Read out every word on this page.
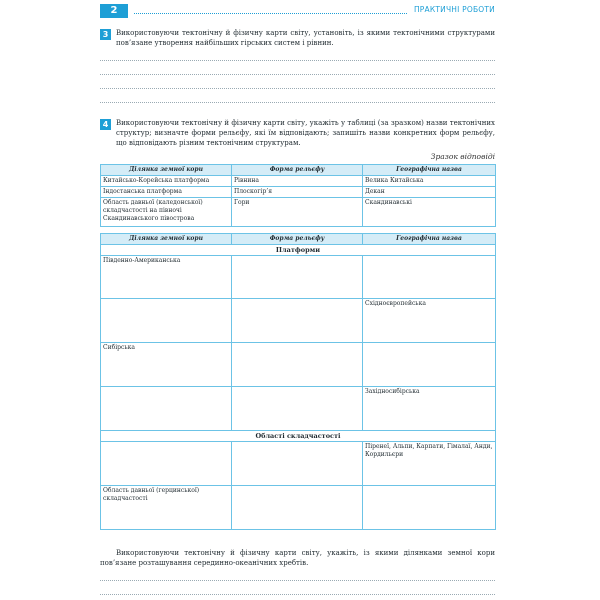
2	ПРАКТИЧНІ РОБОТИ
3	Використовуючи тектонічну й фізичну карти світу, установіть, із якими тектонічними структурами пов’язане утворення найбільших гірських систем і рівнин.
4	Використовуючи тектонічну й фізичну карти світу, укажіть у таблиці (за зразком) назви тектонічних структур; визначте форми рельєфу, які їм відповідають; запишіть назви конкретних форм рельєфу, що відповідають різним тектонічним структурам.
Зразок відповіді
Ділянка земної кори	Форма рельєфу	Географічна назва
Китайсько-Корейська платформа	Рівнина	Велика Китайська
Індостанська платформа	Плоскогір’я	Декан
Область давньої (каледонської) складчастості на півночі Скандинавського півострова	Гори	Скандинавські
Ділянка земної кори	Форма рельєфу	Географічна назва
Платформи		
Південно-Американська		
		Східноєвропейська
Сибірська		
		Західносибірська
Області складчастості		
		Піренеї, Альпи, Карпати, Гімалаї, Анди, Кордильєри
Область давньої (герцинської) складчастості		
Використовуючи тектонічну й фізичну карти світу, укажіть, із якими ділянками земної кори пов’язане розташування серединно-океанічних хребтів.
